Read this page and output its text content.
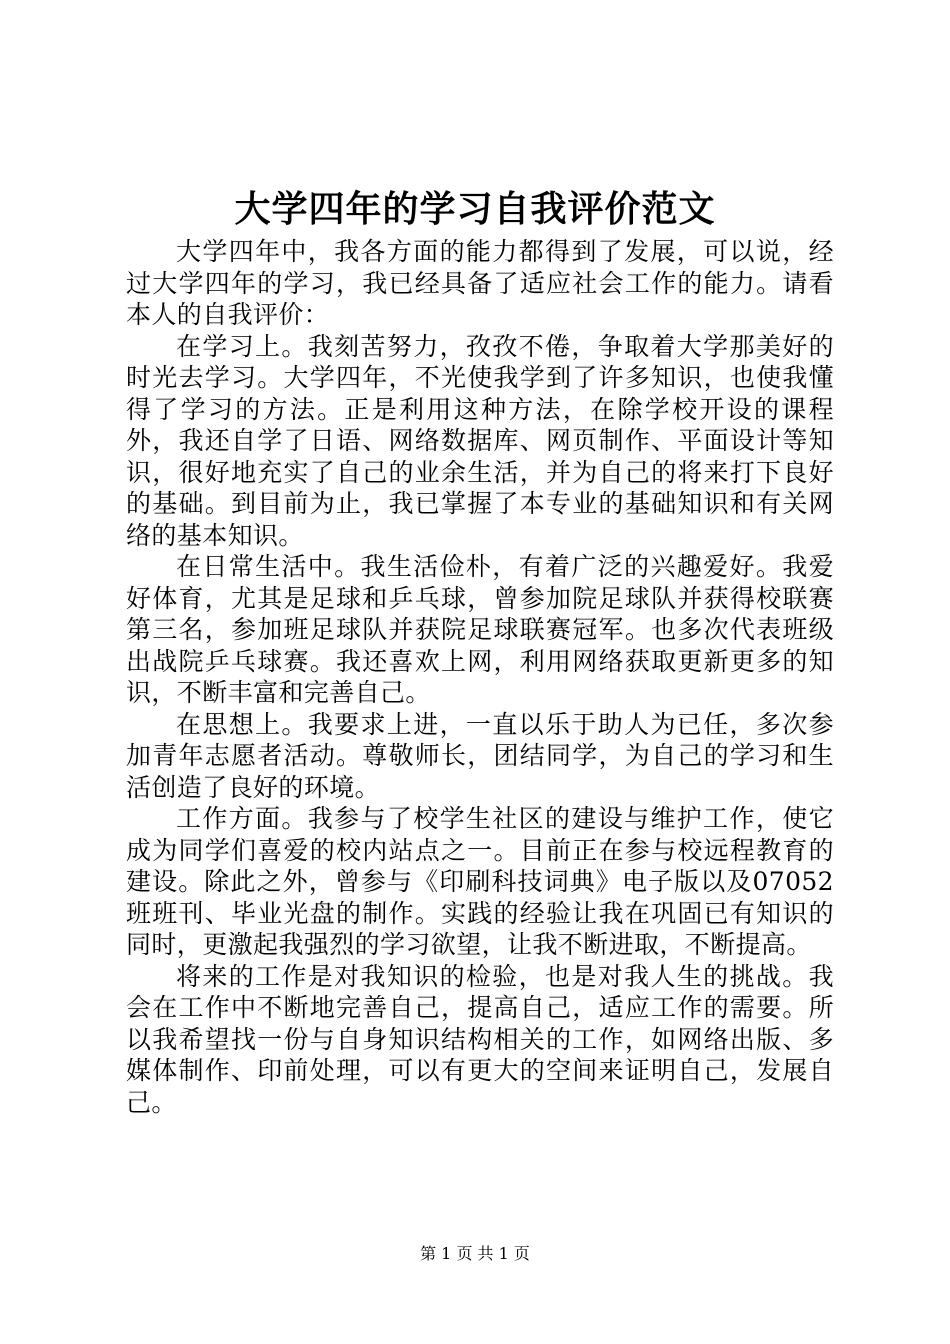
大学四年的学习自我评价范文

大学四年中，我各方面的能力都得到了发展，可以说，经过大学四年的学习，我已经具备了适应社会工作的能力。请看本人的自我评价：

在学习上。我刻苦努力，孜孜不倦，争取着大学那美好的时光去学习。大学四年，不光使我学到了许多知识，也使我懂得了学习的方法。正是利用这种方法，在除学校开设的课程外，我还自学了日语、网络数据库、网页制作、平面设计等知识，很好地充实了自己的业余生活，并为自己的将来打下良好的基础。到目前为止，我已掌握了本专业的基础知识和有关网络的基本知识。

在日常生活中。我生活俭朴，有着广泛的兴趣爱好。我爱好体育，尤其是足球和乒乓球，曾参加院足球队并获得校联赛第三名，参加班足球队并获院足球联赛冠军。也多次代表班级出战院乒乓球赛。我还喜欢上网，利用网络获取更新更多的知识，不断丰富和完善自己。

在思想上。我要求上进，一直以乐于助人为已任，多次参加青年志愿者活动。尊敬师长，团结同学，为自己的学习和生活创造了良好的环境。

工作方面。我参与了校学生社区的建设与维护工作，使它成为同学们喜爱的校内站点之一。目前正在参与校远程教育的建设。除此之外，曾参与《印刷科技词典》电子版以及07052班班刊、毕业光盘的制作。实践的经验让我在巩固已有知识的同时，更激起我强烈的学习欲望，让我不断进取，不断提高。

将来的工作是对我知识的检验，也是对我人生的挑战。我会在工作中不断地完善自己，提高自己，适应工作的需要。所以我希望找一份与自身知识结构相关的工作，如网络出版、多媒体制作、印前处理，可以有更大的空间来证明自己，发展自己。

第 1 页 共 1 页
